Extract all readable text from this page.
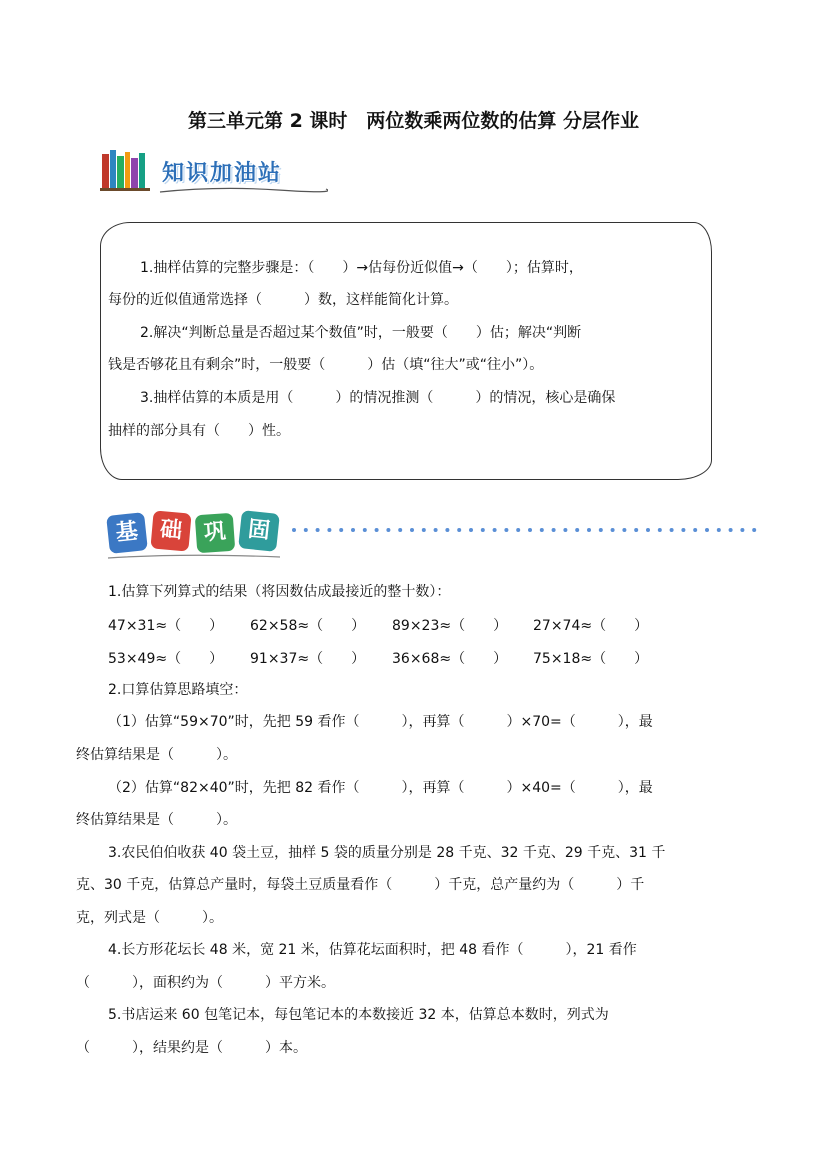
第三单元第 2 课时　两位数乘两位数的估算 分层作业
知识加油站
1.抽样估算的完整步骤是：（　　）→估每份近似值→（　　）；估算时，
每份的近似值通常选择（　　　）数，这样能简化计算。
2.解决“判断总量是否超过某个数值”时，一般要（　　）估；解决“判断
钱是否够花且有剩余”时，一般要（　　　）估（填“往大”或“往小”）。
3.抽样估算的本质是用（　　　）的情况推测（　　　）的情况，核心是确保
抽样的部分具有（　　）性。
基 础 巩 固
1.估算下列算式的结果（将因数估成最接近的整十数）：
47×31≈（　　） 62×58≈（　　） 89×23≈（　　） 27×74≈（　　）
53×49≈（　　） 91×37≈（　　） 36×68≈（　　） 75×18≈（　　）
2.口算估算思路填空：
（1）估算“59×70”时，先把 59 看作（　　　），再算（　　　）×70=（　　　），最
终估算结果是（　　　）。
（2）估算“82×40”时，先把 82 看作（　　　），再算（　　　）×40=（　　　），最
终估算结果是（　　　）。
3.农民伯伯收获 40 袋土豆，抽样 5 袋的质量分别是 28 千克、32 千克、29 千克、31 千
克、30 千克，估算总产量时，每袋土豆质量看作（　　　）千克，总产量约为（　　　）千
克，列式是（　　　）。
4.长方形花坛长 48 米，宽 21 米，估算花坛面积时，把 48 看作（　　　），21 看作
（　　　），面积约为（　　　）平方米。
5.书店运来 60 包笔记本，每包笔记本的本数接近 32 本，估算总本数时，列式为
（　　　），结果约是（　　　）本。
